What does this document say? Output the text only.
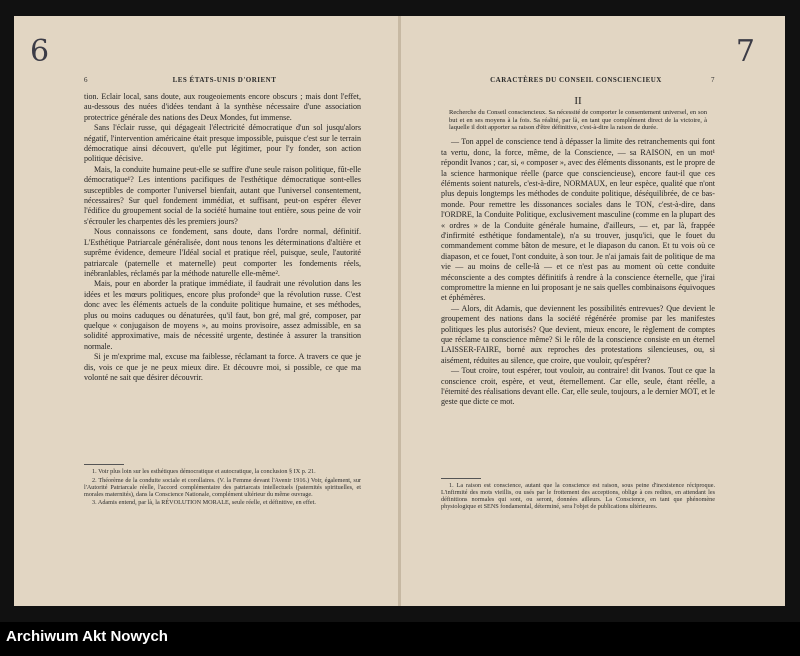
6
6	LES ÉTATS-UNIS D'ORIENT

tion. Eclair local, sans doute, aux rougeoiements encore obscurs ; mais dont l'effet, au-dessous des nuées d'idées tendant à la synthèse nécessaire d'une association protectrice générale des nations des Deux Mondes, fut immense.

Sans l'éclair russe, qui dégageait l'électricité démocratique d'un sol jusqu'alors négatif, l'intervention américaine était presque impossible, puisque c'est sur le terrain démocratique ainsi découvert, qu'elle put légitimer, pour l'y fonder, son action politique décisive.

Mais, la conduite humaine peut-elle se suffire d'une seule raison politique, fût-elle démocratique¹? Les intentions pacifiques de l'esthétique démocratique sont-elles susceptibles de comporter l'universel bienfait, autant que l'universel consentement, nécessaires? Sur quel fondement immédiat, et suffisant, peut-on espérer élever l'édifice du groupement social de la société humaine tout entière, sous peine de voir s'écrouler les charpentes dès les premiers jours?

Nous connaissons ce fondement, sans doute, dans l'ordre normal, définitif. L'Esthétique Patriarcale généralisée, dont nous tenons les déterminations d'altière et suprême évidence, demeure l'Idéal social et pratique réel, puisque, seule, l'autorité patriarcale (paternelle et maternelle) peut comporter les fondements réels, inébranlables, réclamés par la méthode naturelle elle-même².

Mais, pour en aborder la pratique immédiate, il faudrait une révolution dans les idées et les mœurs politiques, encore plus profonde³ que la révolution russe. C'est donc avec les éléments actuels de la conduite politique humaine, et ses méthodes, plus ou moins caduques ou dénaturées, qu'il faut, bon gré, mal gré, composer, par quelque « conjugaison de moyens », au moins provisoire, assez admissible, en sa solidité approximative, mais de nécessité urgente, destinée à assurer la transition normale.

Si je m'exprime mal, excuse ma faiblesse, réclamant ta force. A travers ce que je dis, vois ce que je ne peux mieux dire. Et découvre moi, si possible, ce que ma volonté ne sait que désirer découvrir.

1. Voir plus loin sur les esthétiques démocratique et autocratique, la conclusion § IX p. 21.

2. Théorème de la conduite sociale et corollaires. (V. la Femme devant l'Avenir 1916.) Voir, également, sur l'Autorité Patriarcale réelle, l'accord complémentaire des patriarcats intellectuels (paternités spirituelles, et morales maternités), dans la Conscience Nationale, complément ultérieur du même ouvrage.

3. Adamis entend, par là, la RÉVOLUTION MORALE, seule réelle, et définitive, en effet.

7
CARACTÈRES DU CONSEIL CONSCIENCIEUX	7
II
Recherche du Conseil consciencieux. Sa nécessité de comporter le consentement universel, en son but et en ses moyens à la fois. Sa réalité, par là, en tant que complément direct de la victoire, à laquelle il doit apporter sa raison d'être définitive, c'est-à-dire la raison de durée.

— Ton appel de conscience tend à dépasser la limite des retranchements qui font ta vertu, donc, la force, même, de la Conscience, — sa RAISON, en un mot¹ répondit Ivanos ; car, si, « composer », avec des éléments dissonants, est le propre de la science harmonique réelle (parce que consciencieuse), encore faut-il que ces éléments soient naturels, c'est-à-dire, NORMAUX, en leur espèce, qualité que n'ont plus depuis longtemps les méthodes de conduite politique, déséquilibrée, de ce bas-monde. Pour remettre les dissonances sociales dans le TON, c'est-à-dire, dans l'ORDRE, la Conduite Politique, exclusivement masculine (comme en la plupart des « ordres » de la Conduite générale humaine, d'ailleurs, — et, par là, frappée d'infirmité esthétique fondamentale), n'a su trouver, jusqu'ici, que le fouet du commandement comme bâton de mesure, et le diapason du canon. Et tu vois où ce diapason, et ce fouet, l'ont conduite, à son tour. Je n'ai jamais fait de politique de ma vie — au moins de celle-là — et ce n'est pas au moment où cette conduite méconsciente a des comptes définitifs à rendre à la conscience éternelle, que j'irai compromettre la mienne en lui proposant je ne sais quelles combinaisons équivoques et éphémères.

— Alors, dit Adamis, que deviennent les possibilités entrevues? Que devient le groupement des nations dans la société régénérée promise par les manifestes politiques les plus autorisés? Que devient, mieux encore, le règlement de comptes que réclame ta conscience même? Si le rôle de la conscience consiste en un éternel LAISSER-FAIRE, borné aux reproches des protestations silencieuses, ou, si aisément, réduites au silence, que croire, que vouloir, qu'espérer?

— Tout croire, tout espérer, tout vouloir, au contraire! dit Ivanos. Tout ce que la conscience croit, espère, et veut, éternellement. Car elle, seule, étant réelle, a l'éternité des réalisations devant elle. Car, elle seule, toujours, a le dernier MOT, et le geste que dicte ce mot.

1. La raison est conscience, autant que la conscience est raison, sous peine d'inexistence réciproque. L'infirmité des mots vieillis, ou usés par le frottement des acceptions, oblige à ces redites, en attendant les définitions normales qui sont, ou seront, données ailleurs. La Conscience, en tant que phénomène physiologique et SENS fondamental, déterminé, sera l'objet de publications ultérieures.

Archiwum Akt Nowych
